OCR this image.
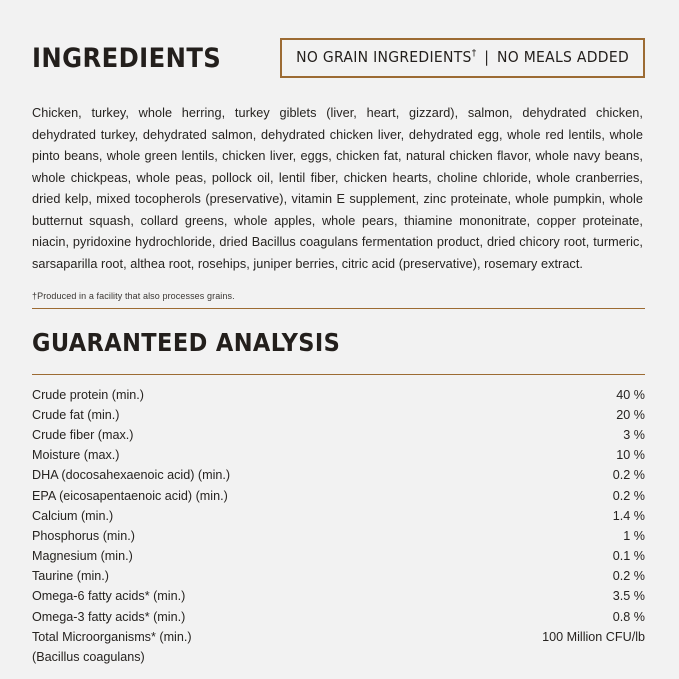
INGREDIENTS	NO GRAIN INGREDIENTS† | NO MEALS ADDED
Chicken, turkey, whole herring, turkey giblets (liver, heart, gizzard), salmon, dehydrated chicken, dehydrated turkey, dehydrated salmon, dehydrated chicken liver, dehydrated egg, whole red lentils, whole pinto beans, whole green lentils, chicken liver, eggs, chicken fat, natural chicken flavor, whole navy beans, whole chickpeas, whole peas, pollock oil, lentil fiber, chicken hearts, choline chloride, whole cranberries, dried kelp, mixed tocopherols (preservative), vitamin E supplement, zinc proteinate, whole pumpkin, whole butternut squash, collard greens, whole apples, whole pears, thiamine mononitrate, copper proteinate, niacin, pyridoxine hydrochloride, dried Bacillus coagulans fermentation product, dried chicory root, turmeric, sarsaparilla root, althea root, rosehips, juniper berries, citric acid (preservative), rosemary extract.
†Produced in a facility that also processes grains.
GUARANTEED ANALYSIS
Crude protein (min.)	40 %
Crude fat (min.)	20 %
Crude fiber (max.)	3 %
Moisture (max.)	10 %
DHA (docosahexaenoic acid) (min.)	0.2 %
EPA (eicosapentaenoic acid) (min.)	0.2 %
Calcium (min.)	1.4 %
Phosphorus (min.)	1 %
Magnesium (min.)	0.1 %
Taurine (min.)	0.2 %
Omega-6 fatty acids* (min.)	3.5 %
Omega-3 fatty acids* (min.)	0.8 %
Total Microorganisms* (min.)	100 Million CFU/lb
(Bacillus coagulans)	
